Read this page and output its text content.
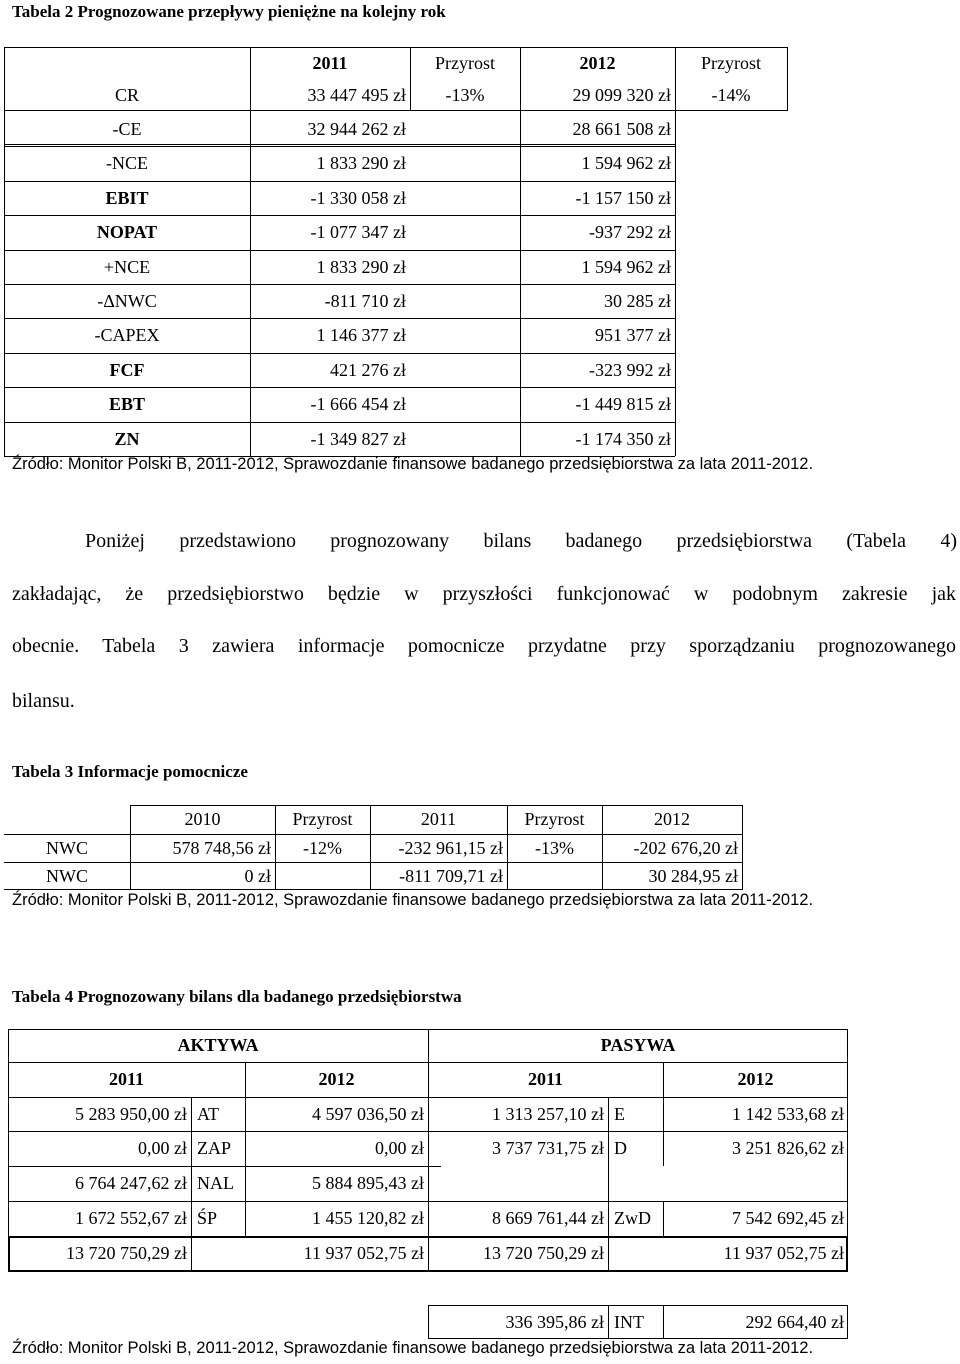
Tabela 2 Prognozowane przepływy pieniężne na kolejny rok
2011	Przyrost	2012	Przyrost
CR	33 447 495 zł	-13%	29 099 320 zł	-14%
-CE	32 944 262 zł	28 661 508 zł
-NCE	1 833 290 zł	1 594 962 zł
EBIT	-1 330 058 zł	-1 157 150 zł
NOPAT	-1 077 347 zł	-937 292 zł
+NCE	1 833 290 zł	1 594 962 zł
-ΔNWC	-811 710 zł	30 285 zł
-CAPEX	1 146 377 zł	951 377 zł
FCF	421 276 zł	-323 992 zł
EBT	-1 666 454 zł	-1 449 815 zł
ZN	-1 349 827 zł	-1 174 350 zł
Źródło: Monitor Polski B, 2011-2012, Sprawozdanie finansowe badanego przedsiębiorstwa za lata 2011-2012.
Poniżej przedstawiono prognozowany bilans badanego przedsiębiorstwa (Tabela 4)
zakładając, że przedsiębiorstwo będzie w przyszłości funkcjonować w podobnym zakresie jak
obecnie. Tabela 3 zawiera informacje pomocnicze przydatne przy sporządzaniu prognozowanego
bilansu.
Tabela 3 Informacje pomocnicze
2010	Przyrost	2011	Przyrost	2012
NWC	578 748,56 zł	-12%	-232 961,15 zł	-13%	-202 676,20 zł
NWC	0 zł	-811 709,71 zł	30 284,95 zł
Źródło: Monitor Polski B, 2011-2012, Sprawozdanie finansowe badanego przedsiębiorstwa za lata 2011-2012.
Tabela 4 Prognozowany bilans dla badanego przedsiębiorstwa
AKTYWA	PASYWA
2011	2012	2011	2012
5 283 950,00 zł AT	4 597 036,50 zł	1 313 257,10 zł E	1 142 533,68 zł
0,00 zł ZAP	0,00 zł	3 737 731,75 zł D	3 251 826,62 zł
6 764 247,62 zł NAL	5 884 895,43 zł
1 672 552,67 zł ŚP	1 455 120,82 zł	8 669 761,44 zł ZwD	7 542 692,45 zł
13 720 750,29 zł	11 937 052,75 zł	13 720 750,29 zł	11 937 052,75 zł
336 395,86 zł INT	292 664,40 zł
Źródło: Monitor Polski B, 2011-2012, Sprawozdanie finansowe badanego przedsiębiorstwa za lata 2011-2012.
